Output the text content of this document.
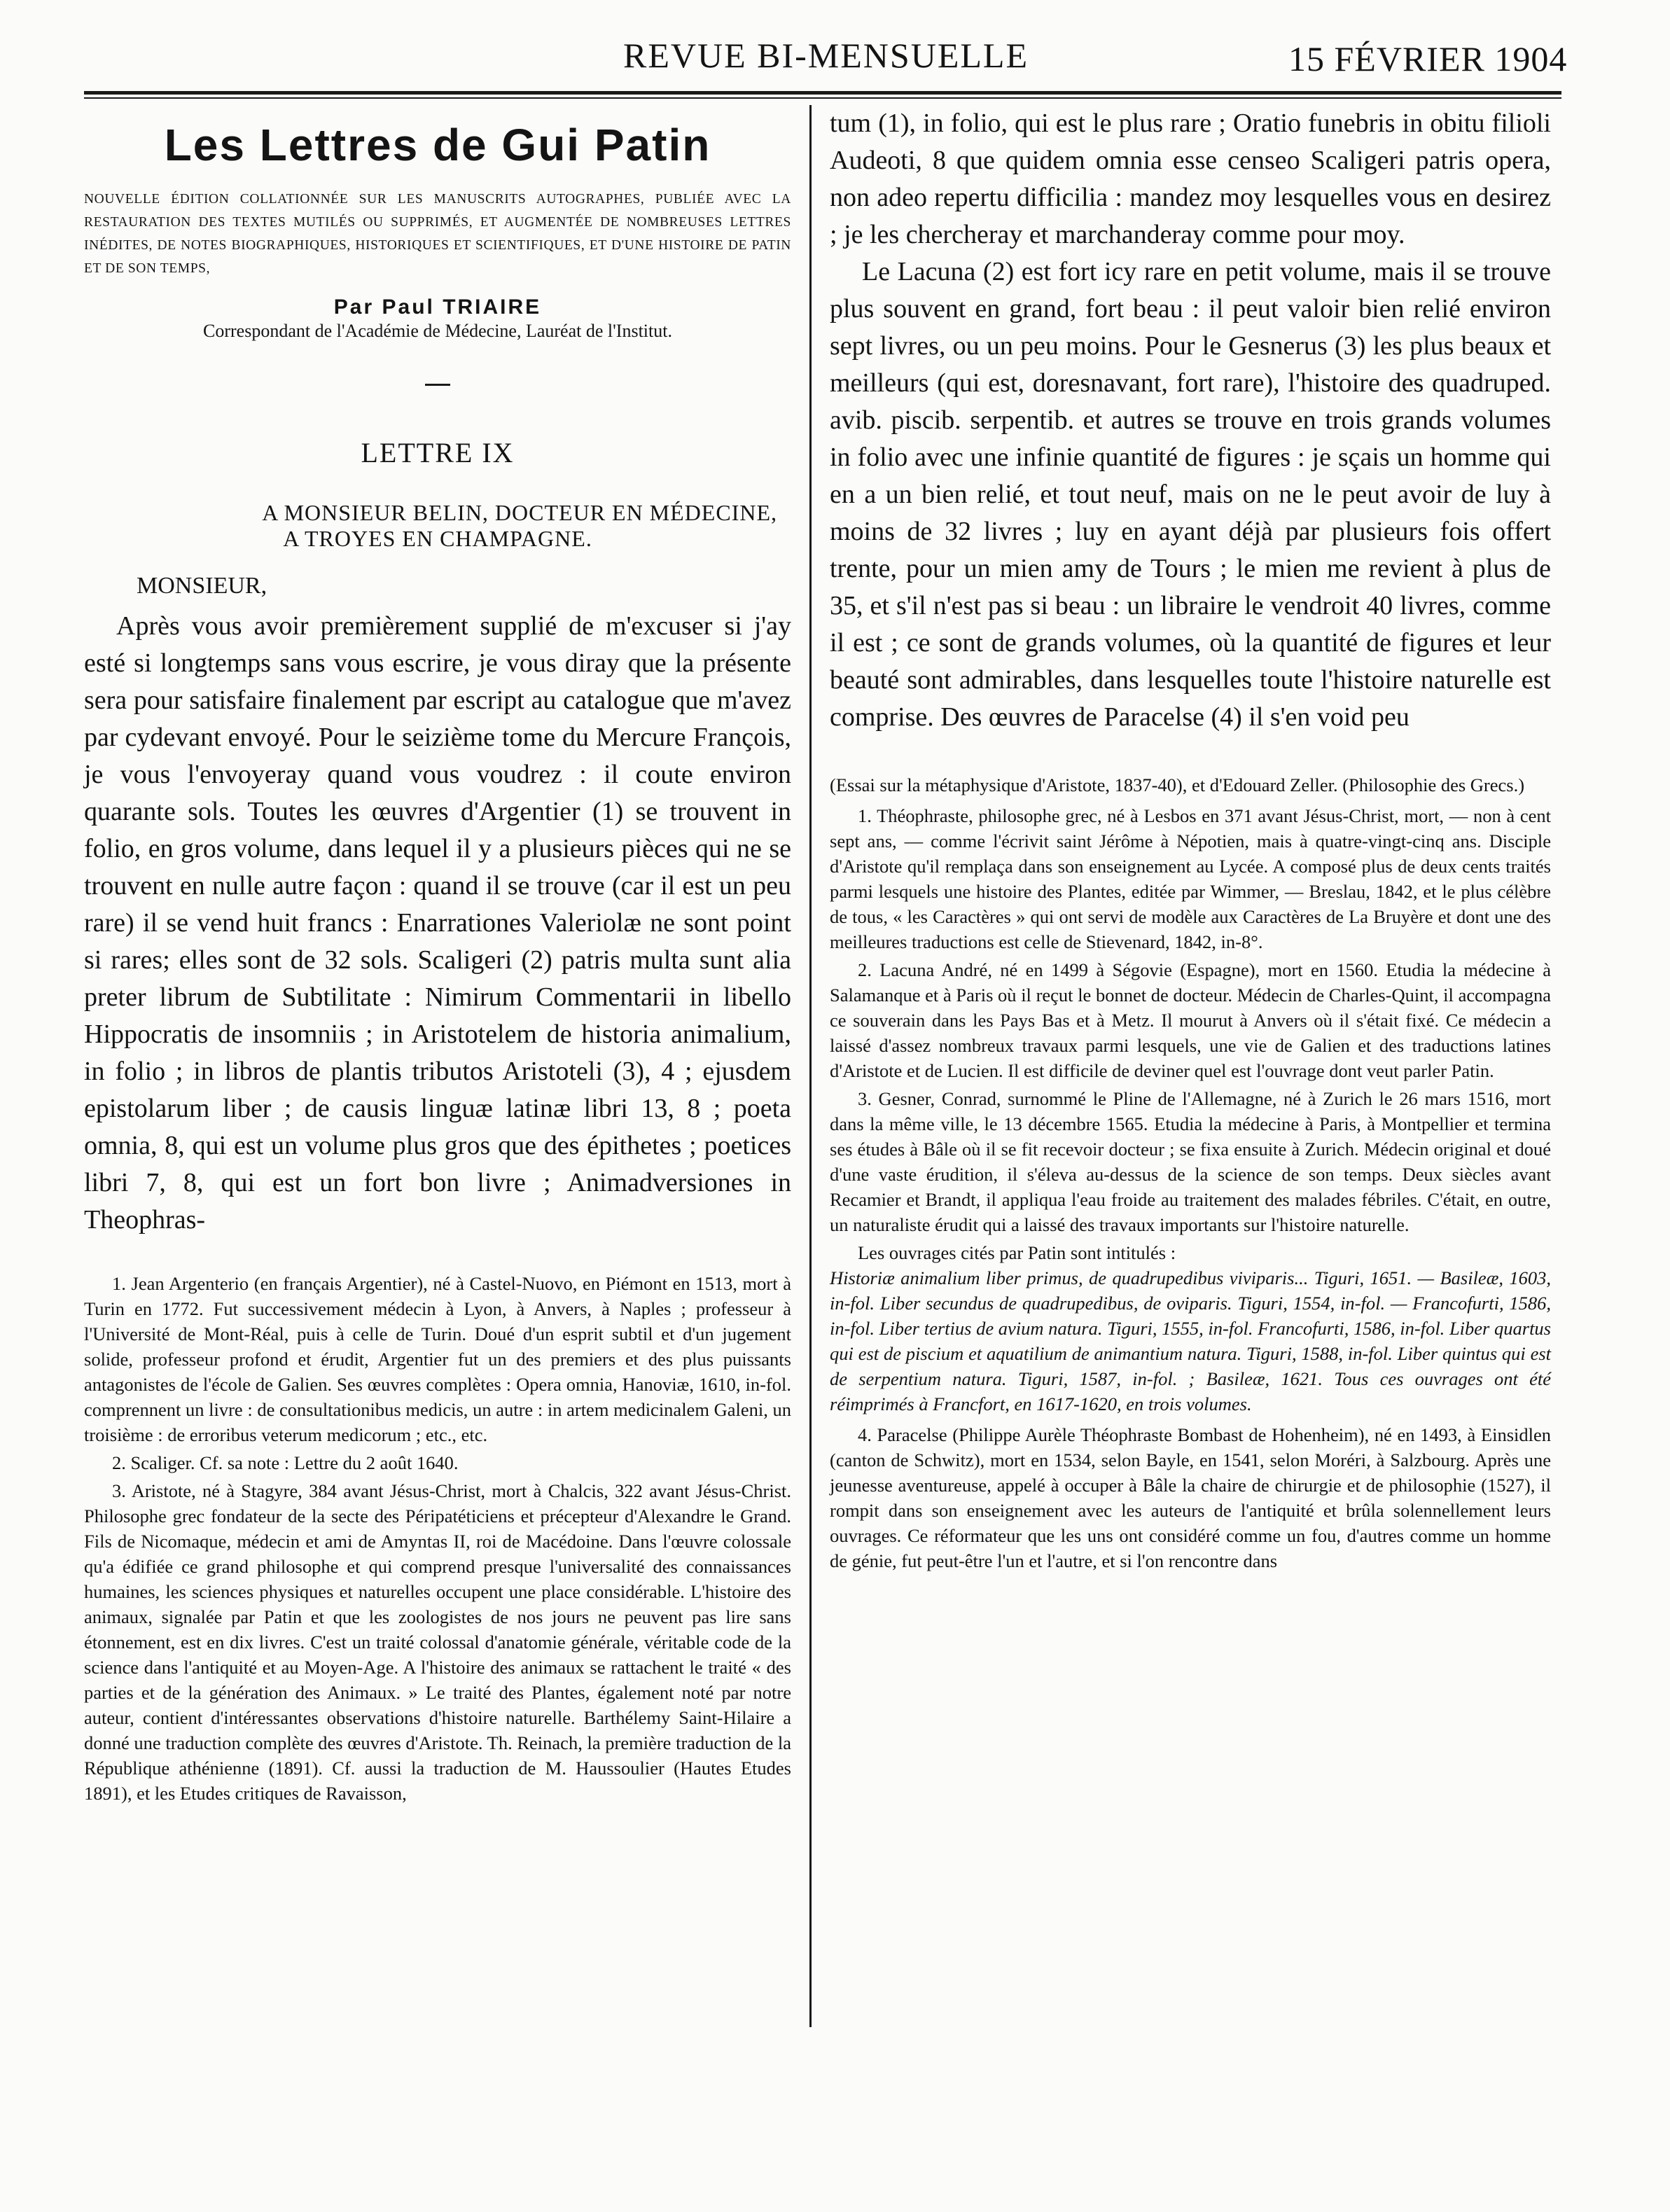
REVUE BI-MENSUELLE	15 FÉVRIER 1904
Les Lettres de Gui Patin

NOUVELLE ÉDITION COLLATIONNÉE SUR LES MANUSCRITS AUTOGRAPHES, PUBLIÉE AVEC LA RESTAURATION DES TEXTES MUTILÉS OU SUPPRIMÉS, ET AUGMENTÉE DE NOMBREUSES LETTRES INÉDITES, DE NOTES BIOGRAPHIQUES, HISTORIQUES ET SCIENTIFIQUES, ET D'UNE HISTOIRE DE PATIN ET DE SON TEMPS,

Par Paul TRIAIRE

Correspondant de l'Académie de Médecine, Lauréat de l'Institut.

LETTRE IX

A MONSIEUR BELIN, DOCTEUR EN MÉDECINE,

A TROYES EN CHAMPAGNE.

MONSIEUR,

Après vous avoir premièrement supplié de m'excuser si j'ay esté si longtemps sans vous escrire, je vous diray que la présente sera pour satisfaire finalement par escript au catalogue que m'avez par cydevant envoyé. Pour le seizième tome du Mercure François, je vous l'envoyeray quand vous voudrez : il coute environ quarante sols. Toutes les œuvres d'Argentier (1) se trouvent in folio, en gros volume, dans lequel il y a plusieurs pièces qui ne se trouvent en nulle autre façon : quand il se trouve (car il est un peu rare) il se vend huit francs : Enarrationes Valeriolæ ne sont point si rares; elles sont de 32 sols. Scaligeri (2) patris multa sunt alia preter librum de Subtilitate : Nimirum Commentarii in libello Hippocratis de insomniis ; in Aristotelem de historia animalium, in folio ; in libros de plantis tributos Aristoteli (3), 4 ; ejusdem epistolarum liber ; de causis linguæ latinæ libri 13, 8 ; poeta omnia, 8, qui est un volume plus gros que des épithetes ; poetices libri 7, 8, qui est un fort bon livre ; Animadversiones in Theophras-

1. Jean Argenterio (en français Argentier), né à Castel-Nuovo, en Piémont en 1513, mort à Turin en 1772. Fut successivement médecin à Lyon, à Anvers, à Naples ; professeur à l'Université de Mont-Réal, puis à celle de Turin. Doué d'un esprit subtil et d'un jugement solide, professeur profond et érudit, Argentier fut un des premiers et des plus puissants antagonistes de l'école de Galien. Ses œuvres complètes : Opera omnia, Hanoviæ, 1610, in-fol. comprennent un livre : de consultationibus medicis, un autre : in artem medicinalem Galeni, un troisième : de erroribus veterum medicorum ; etc., etc.

2. Scaliger. Cf. sa note : Lettre du 2 août 1640.

3. Aristote, né à Stagyre, 384 avant Jésus-Christ, mort à Chalcis, 322 avant Jésus-Christ. Philosophe grec fondateur de la secte des Péripatéticiens et précepteur d'Alexandre le Grand. Fils de Nicomaque, médecin et ami de Amyntas II, roi de Macédoine. Dans l'œuvre colossale qu'a édifiée ce grand philosophe et qui comprend presque l'universalité des connaissances humaines, les sciences physiques et naturelles occupent une place considérable. L'histoire des animaux, signalée par Patin et que les zoologistes de nos jours ne peuvent pas lire sans étonnement, est en dix livres. C'est un traité colossal d'anatomie générale, véritable code de la science dans l'antiquité et au Moyen-Age. A l'histoire des animaux se rattachent le traité « des parties et de la génération des Animaux. » Le traité des Plantes, également noté par notre auteur, contient d'intéressantes observations d'histoire naturelle. Barthélemy Saint-Hilaire a donné une traduction complète des œuvres d'Aristote. Th. Reinach, la première traduction de la République athénienne (1891). Cf. aussi la traduction de M. Haussoulier (Hautes Etudes 1891), et les Etudes critiques de Ravaisson,

tum (1), in folio, qui est le plus rare ; Oratio funebris in obitu filioli Audeoti, 8 que quidem omnia esse censeo Scaligeri patris opera, non adeo repertu difficilia : mandez moy lesquelles vous en desirez ; je les chercheray et marchanderay comme pour moy.

Le Lacuna (2) est fort icy rare en petit volume, mais il se trouve plus souvent en grand, fort beau : il peut valoir bien relié environ sept livres, ou un peu moins. Pour le Gesnerus (3) les plus beaux et meilleurs (qui est, doresnavant, fort rare), l'histoire des quadruped. avib. piscib. serpentib. et autres se trouve en trois grands volumes in folio avec une infinie quantité de figures : je sçais un homme qui en a un bien relié, et tout neuf, mais on ne le peut avoir de luy à moins de 32 livres ; luy en ayant déjà par plusieurs fois offert trente, pour un mien amy de Tours ; le mien me revient à plus de 35, et s'il n'est pas si beau : un libraire le vendroit 40 livres, comme il est ; ce sont de grands volumes, où la quantité de figures et leur beauté sont admirables, dans lesquelles toute l'histoire naturelle est comprise. Des œuvres de Paracelse (4) il s'en void peu

(Essai sur la métaphysique d'Aristote, 1837-40), et d'Edouard Zeller. (Philosophie des Grecs.)

1. Théophraste, philosophe grec, né à Lesbos en 371 avant Jésus-Christ, mort, — non à cent sept ans, — comme l'écrivit saint Jérôme à Népotien, mais à quatre-vingt-cinq ans. Disciple d'Aristote qu'il remplaça dans son enseignement au Lycée. A composé plus de deux cents traités parmi lesquels une histoire des Plantes, editée par Wimmer, — Breslau, 1842, et le plus célèbre de tous, « les Caractères » qui ont servi de modèle aux Caractères de La Bruyère et dont une des meilleures traductions est celle de Stievenard, 1842, in-8°.

2. Lacuna André, né en 1499 à Ségovie (Espagne), mort en 1560. Etudia la médecine à Salamanque et à Paris où il reçut le bonnet de docteur. Médecin de Charles-Quint, il accompagna ce souverain dans les Pays Bas et à Metz. Il mourut à Anvers où il s'était fixé. Ce médecin a laissé d'assez nombreux travaux parmi lesquels, une vie de Galien et des traductions latines d'Aristote et de Lucien. Il est difficile de deviner quel est l'ouvrage dont veut parler Patin.

3. Gesner, Conrad, surnommé le Pline de l'Allemagne, né à Zurich le 26 mars 1516, mort dans la même ville, le 13 décembre 1565. Etudia la médecine à Paris, à Montpellier et termina ses études à Bâle où il se fit recevoir docteur ; se fixa ensuite à Zurich. Médecin original et doué d'une vaste érudition, il s'éleva au-dessus de la science de son temps. Deux siècles avant Recamier et Brandt, il appliqua l'eau froide au traitement des malades fébriles. C'était, en outre, un naturaliste érudit qui a laissé des travaux importants sur l'histoire naturelle.

Les ouvrages cités par Patin sont intitulés :

Historiæ animalium liber primus, de quadrupedibus viviparis... Tiguri, 1651. — Basileæ, 1603, in-fol. Liber secundus de quadrupedibus, de oviparis. Tiguri, 1554, in-fol. — Francofurti, 1586, in-fol. Liber tertius de avium natura. Tiguri, 1555, in-fol. Francofurti, 1586, in-fol. Liber quartus qui est de piscium et aquatilium de animantium natura. Tiguri, 1588, in-fol. Liber quintus qui est de serpentium natura. Tiguri, 1587, in-fol. ; Basileæ, 1621. Tous ces ouvrages ont été réimprimés à Francfort, en 1617-1620, en trois volumes.

4. Paracelse (Philippe Aurèle Théophraste Bombast de Hohenheim), né en 1493, à Einsidlen (canton de Schwitz), mort en 1534, selon Bayle, en 1541, selon Moréri, à Salzbourg. Après une jeunesse aventureuse, appelé à occuper à Bâle la chaire de chirurgie et de philosophie (1527), il rompit dans son enseignement avec les auteurs de l'antiquité et brûla solennellement leurs ouvrages. Ce réformateur que les uns ont considéré comme un fou, d'autres comme un homme de génie, fut peut-être l'un et l'autre, et si l'on rencontre dans
